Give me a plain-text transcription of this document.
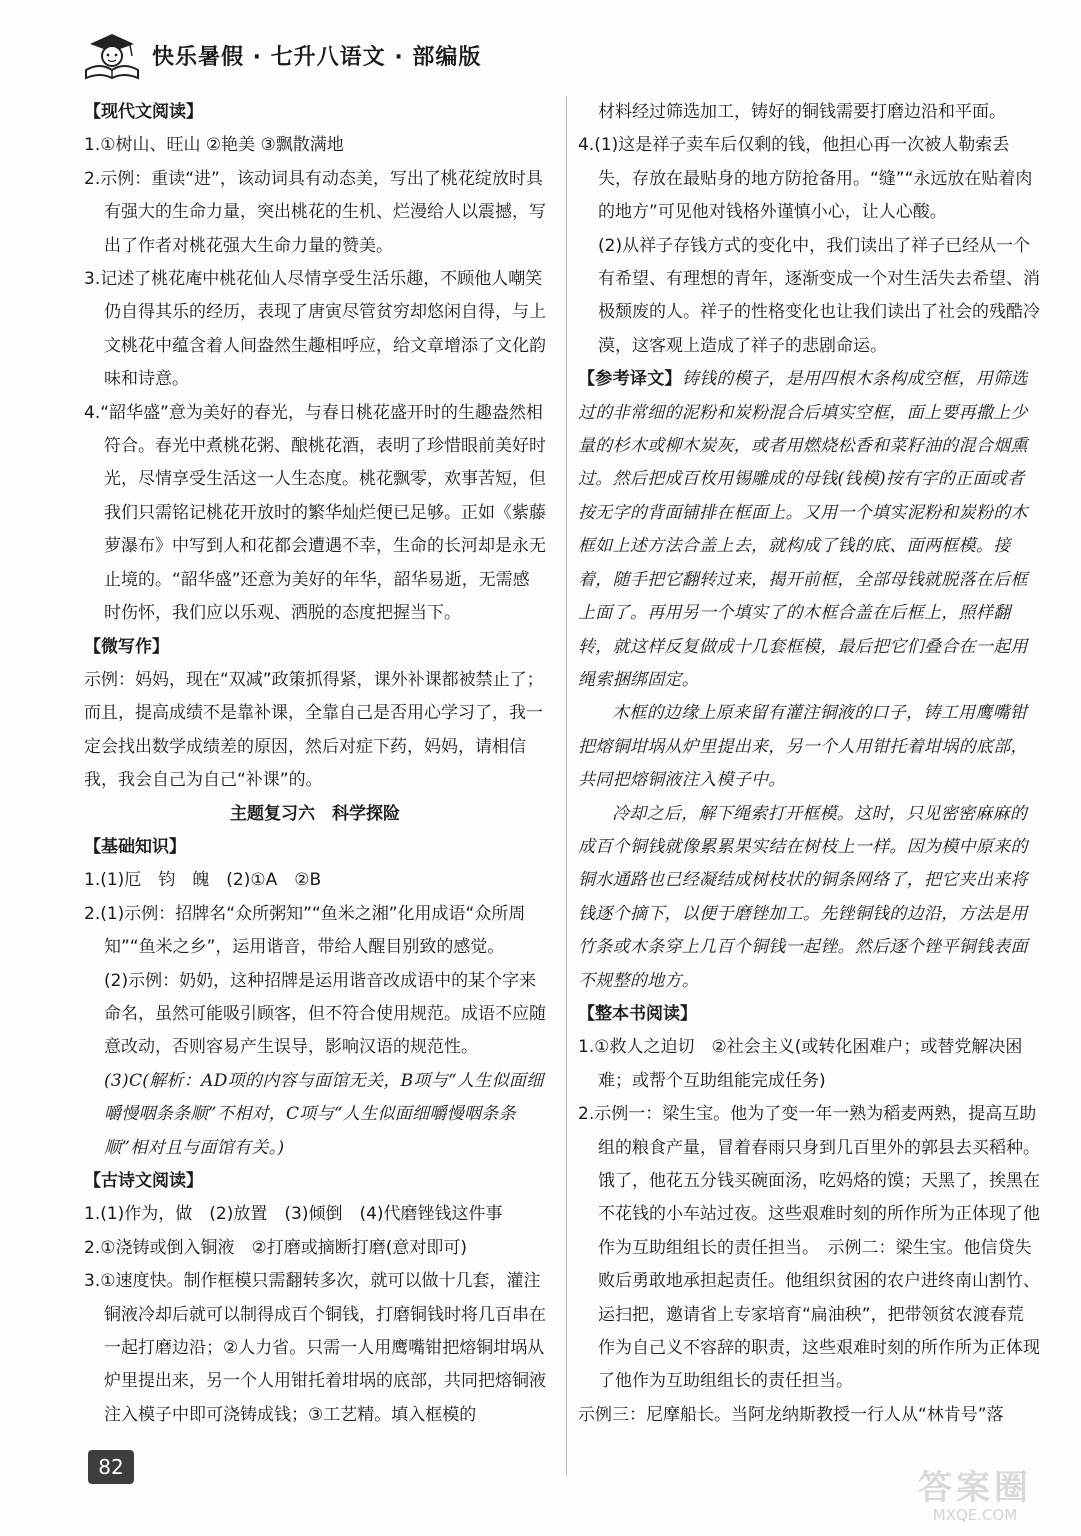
快乐暑假 · 七升八语文 · 部编版
【现代文阅读】
1.①树山、旺山 ②艳美 ③飘散满地
2.示例：重读“进”，该动词具有动态美，写出了桃花绽放时具有强大的生命力量，突出桃花的生机、烂漫给人以震撼，写出了作者对桃花强大生命力量的赞美。
3.记述了桃花庵中桃花仙人尽情享受生活乐趣，不顾他人嘲笑仍自得其乐的经历，表现了唐寅尽管贫穷却悠闲自得，与上文桃花中蕴含着人间盎然生趣相呼应，给文章增添了文化韵味和诗意。
4.“韶华盛”意为美好的春光，与春日桃花盛开时的生趣盎然相符合。春光中煮桃花粥、酿桃花酒，表明了珍惜眼前美好时光，尽情享受生活这一人生态度。桃花飘零，欢事苦短，但我们只需铭记桃花开放时的繁华灿烂便已足够。正如《紫藤萝瀑布》中写到人和花都会遭遇不幸，生命的长河却是永无止境的。“韶华盛”还意为美好的年华，韶华易逝，无需感时伤怀，我们应以乐观、洒脱的态度把握当下。
【微写作】
示例：妈妈，现在“双减”政策抓得紧，课外补课都被禁止了；而且，提高成绩不是靠补课，全靠自己是否用心学习了，我一定会找出数学成绩差的原因，然后对症下药，妈妈，请相信我，我会自己为自己“补课”的。
主题复习六　科学探险
【基础知识】
1.(1)厄　钧　魄　(2)①A　②B
2.(1)示例：招牌名“众所粥知”“鱼米之湘”化用成语“众所周知”“鱼米之乡”，运用谐音，带给人醒目别致的感觉。
(2)示例：奶奶，这种招牌是运用谐音改成语中的某个字来命名，虽然可能吸引顾客，但不符合使用规范。成语不应随意改动，否则容易产生误导，影响汉语的规范性。
(3)C(解析：AD项的内容与面馆无关，B项与“人生似面细嚼慢咽条条顺”不相对，C项与“人生似面细嚼慢咽条条顺”相对且与面馆有关。)
【古诗文阅读】
1.(1)作为，做　(2)放置　(3)倾倒　(4)代磨锉钱这件事
2.①浇铸或倒入铜液　②打磨或摘断打磨(意对即可)
3.①速度快。制作框模只需翻转多次，就可以做十几套，灌注铜液冷却后就可以制得成百个铜钱，打磨铜钱时将几百串在一起打磨边沿；②人力省。只需一人用鹰嘴钳把熔铜坩埚从炉里提出来，另一个人用钳托着坩埚的底部，共同把熔铜液注入模子中即可浇铸成钱；③工艺精。填入框模的
材料经过筛选加工，铸好的铜钱需要打磨边沿和平面。
4.(1)这是祥子卖车后仅剩的钱，他担心再一次被人勒索丢失，存放在最贴身的地方防抢备用。“缝”“永远放在贴着肉的地方”可见他对钱格外谨慎小心，让人心酸。
(2)从祥子存钱方式的变化中，我们读出了祥子已经从一个有希望、有理想的青年，逐渐变成一个对生活失去希望、消极颓废的人。祥子的性格变化也让我们读出了社会的残酷冷漠，这客观上造成了祥子的悲剧命运。
【参考译文】铸钱的模子，是用四根木条构成空框，用筛选过的非常细的泥粉和炭粉混合后填实空框，面上要再撒上少量的杉木或柳木炭灰，或者用燃烧松香和菜籽油的混合烟熏过。然后把成百枚用锡雕成的母钱(钱模)按有字的正面或者按无字的背面铺排在框面上。又用一个填实泥粉和炭粉的木框如上述方法合盖上去，就构成了钱的底、面两框模。接着，随手把它翻转过来，揭开前框，全部母钱就脱落在后框上面了。再用另一个填实了的木框合盖在后框上，照样翻转，就这样反复做成十几套框模，最后把它们叠合在一起用绳索捆绑固定。
木框的边缘上原来留有灌注铜液的口子，铸工用鹰嘴钳把熔铜坩埚从炉里提出来，另一个人用钳托着坩埚的底部，共同把熔铜液注入模子中。
冷却之后，解下绳索打开框模。这时，只见密密麻麻的成百个铜钱就像累累果实结在树枝上一样。因为模中原来的铜水通路也已经凝结成树枝状的铜条网络了，把它夹出来将钱逐个摘下，以便于磨锉加工。先锉铜钱的边沿，方法是用竹条或木条穿上几百个铜钱一起锉。然后逐个锉平铜钱表面不规整的地方。
【整本书阅读】
1.①救人之迫切　②社会主义(或转化困难户；或替党解决困难；或帮个互助组能完成任务)
2.示例一：梁生宝。他为了变一年一熟为稻麦两熟，提高互助组的粮食产量，冒着春雨只身到几百里外的郭县去买稻种。饿了，他花五分钱买碗面汤，吃妈烙的馍；天黑了，挨黑在不花钱的小车站过夜。这些艰难时刻的所作所为正体现了他作为互助组组长的责任担当。　示例二：梁生宝。他信贷失败后勇敢地承担起责任。他组织贫困的农户进终南山割竹、运扫把，邀请省上专家培育“扁油秧”，把带领贫农渡春荒作为自己义不容辞的职责，这些艰难时刻的所作所为正体现了他作为互助组组长的责任担当。
示例三：尼摩船长。当阿龙纳斯教授一行人从“林肯号”落
82
答案圈
MXQE.COM
